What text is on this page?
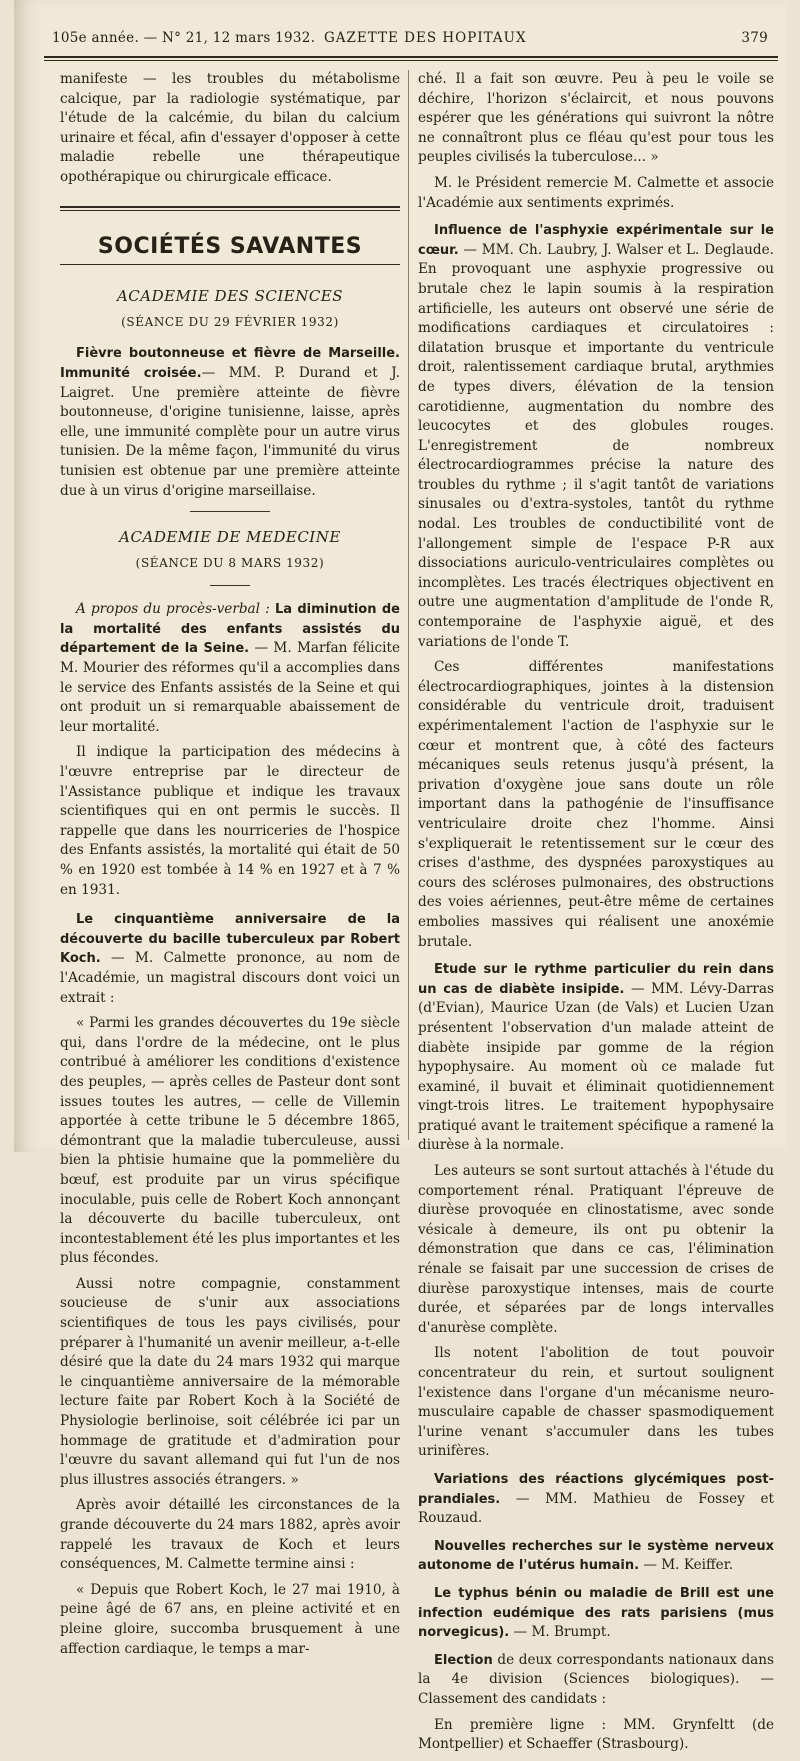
105e année. — N° 21, 12 mars 1932. GAZETTE DES HOPITAUX	379

manifeste — les troubles du métabolisme calcique, par la radiologie systématique, par l'étude de la calcémie, du bilan du calcium urinaire et fécal, afin d'essayer d'opposer à cette maladie rebelle une thérapeutique opothérapique ou chirurgicale efficace.

SOCIÉTÉS SAVANTES
ACADEMIE DES SCIENCES
(SÉANCE DU 29 FÉVRIER 1932)

Fièvre boutonneuse et fièvre de Marseille. Immunité croisée.— MM. P. Durand et J. Laigret. Une première atteinte de fièvre boutonneuse, d'origine tunisienne, laisse, après elle, une immunité complète pour un autre virus tunisien. De la même façon, l'immunité du virus tunisien est obtenue par une première atteinte due à un virus d'origine marseillaise.

ACADEMIE DE MEDECINE
(SÉANCE DU 8 MARS 1932)

A propos du procès-verbal : La diminution de la mortalité des enfants assistés du département de la Seine. — M. Marfan félicite M. Mourier des réformes qu'il a accomplies dans le service des Enfants assistés de la Seine et qui ont produit un si remarquable abaissement de leur mortalité.

Il indique la participation des médecins à l'œuvre entreprise par le directeur de l'Assistance publique et indique les travaux scientifiques qui en ont permis le succès. Il rappelle que dans les nourriceries de l'hospice des Enfants assistés, la mortalité qui était de 50 % en 1920 est tombée à 14 % en 1927 et à 7 % en 1931.

Le cinquantième anniversaire de la découverte du bacille tuberculeux par Robert Koch. — M. Calmette prononce, au nom de l'Académie, un magistral discours dont voici un extrait :

« Parmi les grandes découvertes du 19e siècle qui, dans l'ordre de la médecine, ont le plus contribué à améliorer les conditions d'existence des peuples, — après celles de Pasteur dont sont issues toutes les autres, — celle de Villemin apportée à cette tribune le 5 décembre 1865, démontrant que la maladie tuberculeuse, aussi bien la phtisie humaine que la pommelière du bœuf, est produite par un virus spécifique inoculable, puis celle de Robert Koch annonçant la découverte du bacille tuberculeux, ont incontestablement été les plus importantes et les plus fécondes.

Aussi notre compagnie, constamment soucieuse de s'unir aux associations scientifiques de tous les pays civilisés, pour préparer à l'humanité un avenir meilleur, a-t-elle désiré que la date du 24 mars 1932 qui marque le cinquantième anniversaire de la mémorable lecture faite par Robert Koch à la Société de Physiologie berlinoise, soit célébrée ici par un hommage de gratitude et d'admiration pour l'œuvre du savant allemand qui fut l'un de nos plus illustres associés étrangers. »

Après avoir détaillé les circonstances de la grande découverte du 24 mars 1882, après avoir rappelé les travaux de Koch et leurs conséquences, M. Calmette termine ainsi :

« Depuis que Robert Koch, le 27 mai 1910, à peine âgé de 67 ans, en pleine activité et en pleine gloire, succomba brusquement à une affection cardiaque, le temps a mar-

ché. Il a fait son œuvre. Peu à peu le voile se déchire, l'horizon s'éclaircit, et nous pouvons espérer que les générations qui suivront la nôtre ne connaîtront plus ce fléau qu'est pour tous les peuples civilisés la tuberculose... »

M. le Président remercie M. Calmette et associe l'Académie aux sentiments exprimés.

Influence de l'asphyxie expérimentale sur le cœur. — MM. Ch. Laubry, J. Walser et L. Deglaude. En provoquant une asphyxie progressive ou brutale chez le lapin soumis à la respiration artificielle, les auteurs ont observé une série de modifications cardiaques et circulatoires : dilatation brusque et importante du ventricule droit, ralentissement cardiaque brutal, arythmies de types divers, élévation de la tension carotidienne, augmentation du nombre des leucocytes et des globules rouges. L'enregistrement de nombreux électrocardiogrammes précise la nature des troubles du rythme ; il s'agit tantôt de variations sinusales ou d'extra-systoles, tantôt du rythme nodal. Les troubles de conductibilité vont de l'allongement simple de l'espace P-R aux dissociations auriculo-ventriculaires complètes ou incomplètes. Les tracés électriques objectivent en outre une augmentation d'amplitude de l'onde R, contemporaine de l'asphyxie aiguë, et des variations de l'onde T.

Ces différentes manifestations électrocardiographiques, jointes à la distension considérable du ventricule droit, traduisent expérimentalement l'action de l'asphyxie sur le cœur et montrent que, à côté des facteurs mécaniques seuls retenus jusqu'à présent, la privation d'oxygène joue sans doute un rôle important dans la pathogénie de l'insuffisance ventriculaire droite chez l'homme. Ainsi s'expliquerait le retentissement sur le cœur des crises d'asthme, des dyspnées paroxystiques au cours des scléroses pulmonaires, des obstructions des voies aériennes, peut-être même de certaines embolies massives qui réalisent une anoxémie brutale.

Etude sur le rythme particulier du rein dans un cas de diabète insipide. — MM. Lévy-Darras (d'Evian), Maurice Uzan (de Vals) et Lucien Uzan présentent l'observation d'un malade atteint de diabète insipide par gomme de la région hypophysaire. Au moment où ce malade fut examiné, il buvait et éliminait quotidiennement vingt-trois litres. Le traitement hypophysaire pratiqué avant le traitement spécifique a ramené la diurèse à la normale.

Les auteurs se sont surtout attachés à l'étude du comportement rénal. Pratiquant l'épreuve de diurèse provoquée en clinostatisme, avec sonde vésicale à demeure, ils ont pu obtenir la démonstration que dans ce cas, l'élimination rénale se faisait par une succession de crises de diurèse paroxystique intenses, mais de courte durée, et séparées par de longs intervalles d'anurèse complète.

Ils notent l'abolition de tout pouvoir concentrateur du rein, et surtout soulignent l'existence dans l'organe d'un mécanisme neuro-musculaire capable de chasser spasmodiquement l'urine venant s'accumuler dans les tubes urinifères.

Variations des réactions glycémiques post-prandiales. — MM. Mathieu de Fossey et Rouzaud.

Nouvelles recherches sur le système nerveux autonome de l'utérus humain. — M. Keiffer.

Le typhus bénin ou maladie de Brill est une infection eudémique des rats parisiens (mus norvegicus). — M. Brumpt.

Election de deux correspondants nationaux dans la 4e division (Sciences biologiques). — Classement des candidats :

En première ligne : MM. Grynfeltt (de Montpellier) et Schaeffer (Strasbourg).
